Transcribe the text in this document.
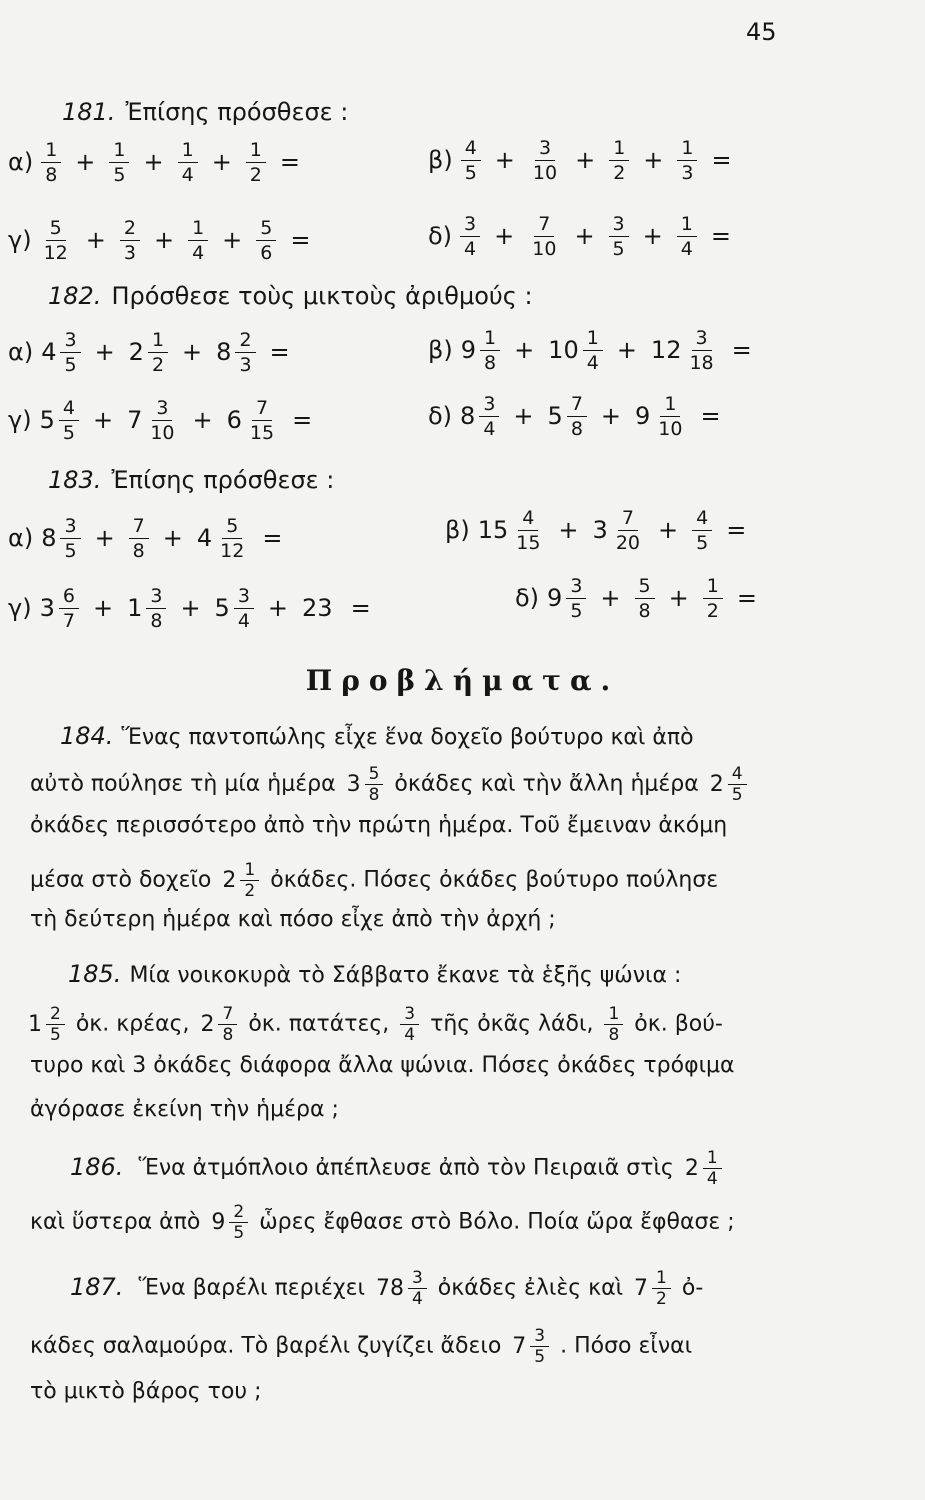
45
181. Ἐπίσης πρόσθεσε :
$\alpha) \frac{1}{8} + \frac{1}{5} + \frac{1}{4} + \frac{1}{2}$ =	$\beta) \frac{4}{5} + \frac{3}{10} + \frac{1}{2} + \frac{1}{3}$ =
$\gamma) \frac{5}{12} + \frac{2}{3} + \frac{1}{4} + \frac{5}{6}$ =	$\delta) \frac{3}{4} + \frac{7}{10} + \frac{3}{5} + \frac{1}{4}$ =
182. Πρόσθεσε τοὺς μικτοὺς ἀριθμούς :
α) $4 \frac{3}{5} + 2 \frac{1}{2} + 8 \frac{2}{3}$ =	β) $9 \frac{1}{8} + 10 \frac{1}{4} + 12 \frac{3}{18}$ =
γ) $5 \frac{4}{5} + 7 \frac{3}{10} + 6 \frac{7}{15}$ =	δ) $8 \frac{3}{4} + 5 \frac{7}{8} + 9 \frac{1}{10}$ =
183. Ἐπίσης πρόσθεσε :
α) $8 \frac{3}{5} + \frac{7}{8} + 4 \frac{5}{12}$ =	β) $15 \frac{4}{15} + 3 \frac{7}{20} + \frac{4}{5}$ =
γ) $3 \frac{6}{7} + 1 \frac{3}{8} + 5 \frac{3}{4} + 23$ =	δ) $9 \frac{3}{5} + \frac{5}{8} + \frac{1}{2}$ =
Προβλήματα.
184. Ἕνας παντοπώλης εἶχε ἕνα δοχεῖο βούτυρο καὶ ἀπὸ
αὐτὸ πούλησε τὴ μία ἡμέρα $3 \frac{5}{8}$ ὀκάδες καὶ τὴν ἄλλη ἡμέρα $2 \frac{4}{5}$
ὀκάδες περισσότερο ἀπὸ τὴν πρώτη ἡμέρα. Τοῦ ἔμειναν ἀκόμη
μέσα στὸ δοχεῖο $2 \frac{1}{2}$ ὀκάδες. Πόσες ὀκάδες βούτυρο πούλησε
τὴ δεύτερη ἡμέρα καὶ πόσο εἶχε ἀπὸ τὴν ἀρχή ;
185. Μία νοικοκυρὰ τὸ Σάββατο ἔκανε τὰ ἑξῆς ψώνια :
$1 \frac{2}{5}$ ὀκ. κρέας, $2 \frac{7}{8}$ ὀκ. πατάτες, $\frac{3}{4}$ τῆς ὀκᾶς λάδι, $\frac{1}{8}$ ὀκ. βού-
τυρο καὶ 3 ὀκάδες διάφορα ἄλλα ψώνια. Πόσες ὀκάδες τρόφιμα
ἀγόρασε ἐκείνη τὴν ἡμέρα ;
186. Ἕνα ἀτμόπλοιο ἀπέπλευσε ἀπὸ τὸν Πειραιᾶ στὶς $2 \frac{1}{4}$
καὶ ὕστερα ἀπὸ $9 \frac{2}{5}$ ὧρες ἔφθασε στὸ Βόλο. Ποία ὥρα ἔφθασε ;
187. Ἕνα βαρέλι περιέχει $78 \frac{3}{4}$ ὀκάδες ἐλιὲς καὶ $7 \frac{1}{2}$ ὀ-
κάδες σαλαμούρα. Τὸ βαρέλι ζυγίζει ἄδειο $7 \frac{3}{5}$ . Πόσο εἶναι
τὸ μικτὸ βάρος του ;
